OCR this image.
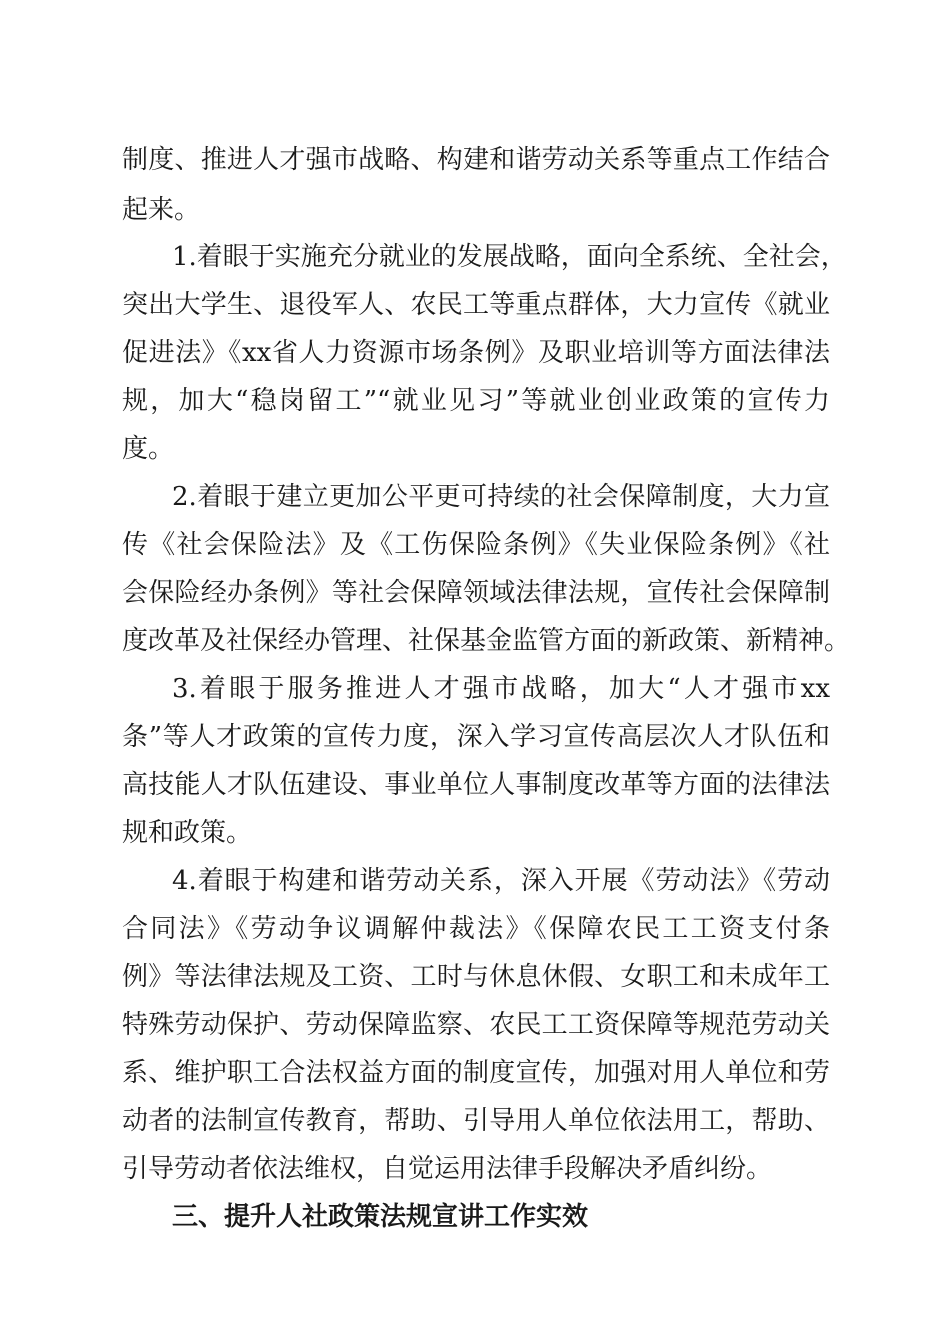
制度、推进人才强市战略、构建和谐劳动关系等重点工作结合
起来。
1.着眼于实施充分就业的发展战略，面向全系统、全社会，
突出大学生、退役军人、农民工等重点群体，大力宣传《就业
促进法》《xx省人力资源市场条例》及职业培训等方面法律法
规，加大“稳岗留工”“就业见习”等就业创业政策的宣传力
度。
2.着眼于建立更加公平更可持续的社会保障制度，大力宣
传《社会保险法》及《工伤保险条例》《失业保险条例》《社
会保险经办条例》等社会保障领域法律法规，宣传社会保障制
度改革及社保经办管理、社保基金监管方面的新政策、新精神。
3.着眼于服务推进人才强市战略，加大“人才强市xx
条”等人才政策的宣传力度，深入学习宣传高层次人才队伍和
高技能人才队伍建设、事业单位人事制度改革等方面的法律法
规和政策。
4.着眼于构建和谐劳动关系，深入开展《劳动法》《劳动
合同法》《劳动争议调解仲裁法》《保障农民工工资支付条
例》等法律法规及工资、工时与休息休假、女职工和未成年工
特殊劳动保护、劳动保障监察、农民工工资保障等规范劳动关
系、维护职工合法权益方面的制度宣传，加强对用人单位和劳
动者的法制宣传教育，帮助、引导用人单位依法用工，帮助、
引导劳动者依法维权，自觉运用法律手段解决矛盾纠纷。
三、提升人社政策法规宣讲工作实效
